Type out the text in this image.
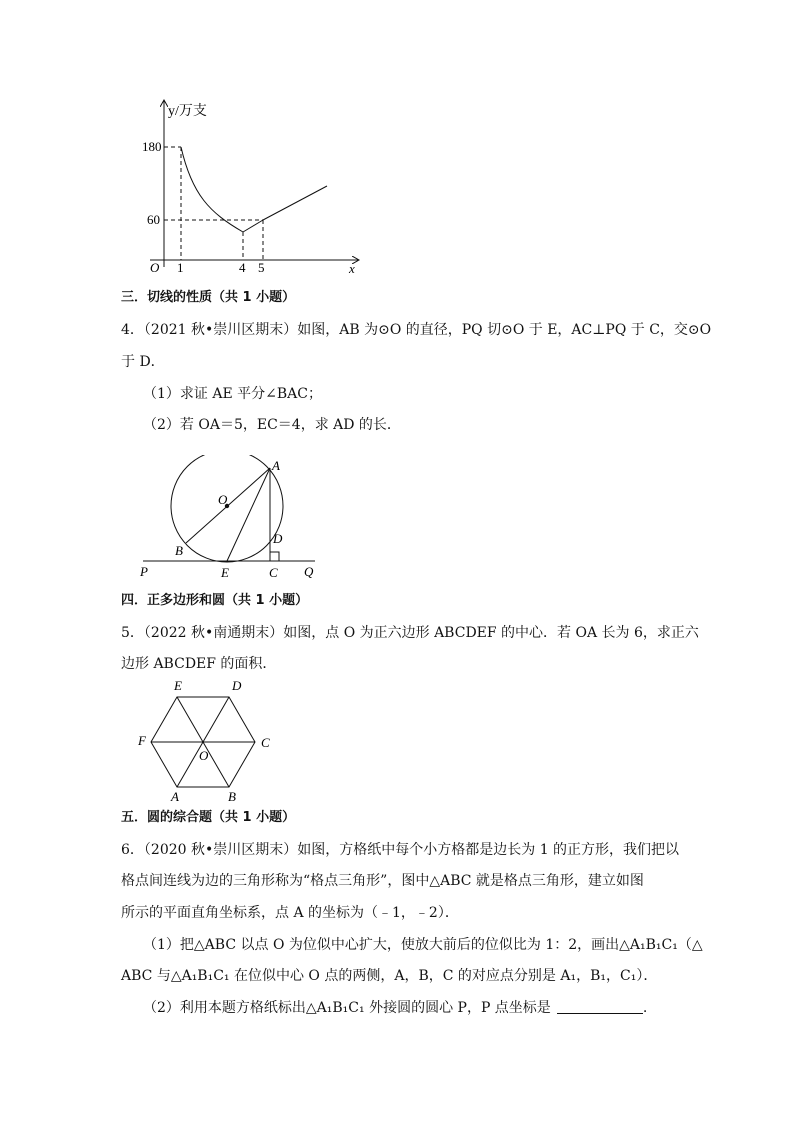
y/万支
180
60
O 1	4 5	x
三．切线的性质（共 1 小题）
4．（2021 秋•崇川区期末）如图，AB 为⊙O 的直径，PQ 切⊙O 于 E，AC⊥PQ 于 C，交⊙O
于 D．
（1）求证 AE 平分∠BAC；
（2）若 OA＝5，EC＝4，求 AD 的长．
A
O
B
D
P	E	C Q
四．正多边形和圆（共 1 小题）
5．（2022 秋•南通期末）如图，点 O 为正六边形 ABCDEF 的中心．若 OA 长为 6，求正六
边形 ABCDEF 的面积．
E	D
F	C
O
A	B
五．圆的综合题（共 1 小题）
6．（2020 秋•崇川区期末）如图，方格纸中每个小方格都是边长为 1 的正方形，我们把以
格点间连线为边的三角形称为“格点三角形”，图中△ABC 就是格点三角形，建立如图
所示的平面直角坐标系，点 A 的坐标为（﹣1，﹣2）．
（1）把△ABC 以点 O 为位似中心扩大，使放大前后的位似比为 1：2，画出△A₁B₁C₁（△
ABC 与△A₁B₁C₁ 在位似中心 O 点的两侧，A，B，C 的对应点分别是 A₁，B₁，C₁）．
（2）利用本题方格纸标出△A₁B₁C₁ 外接圆的圆心 P，P 点坐标是	.
